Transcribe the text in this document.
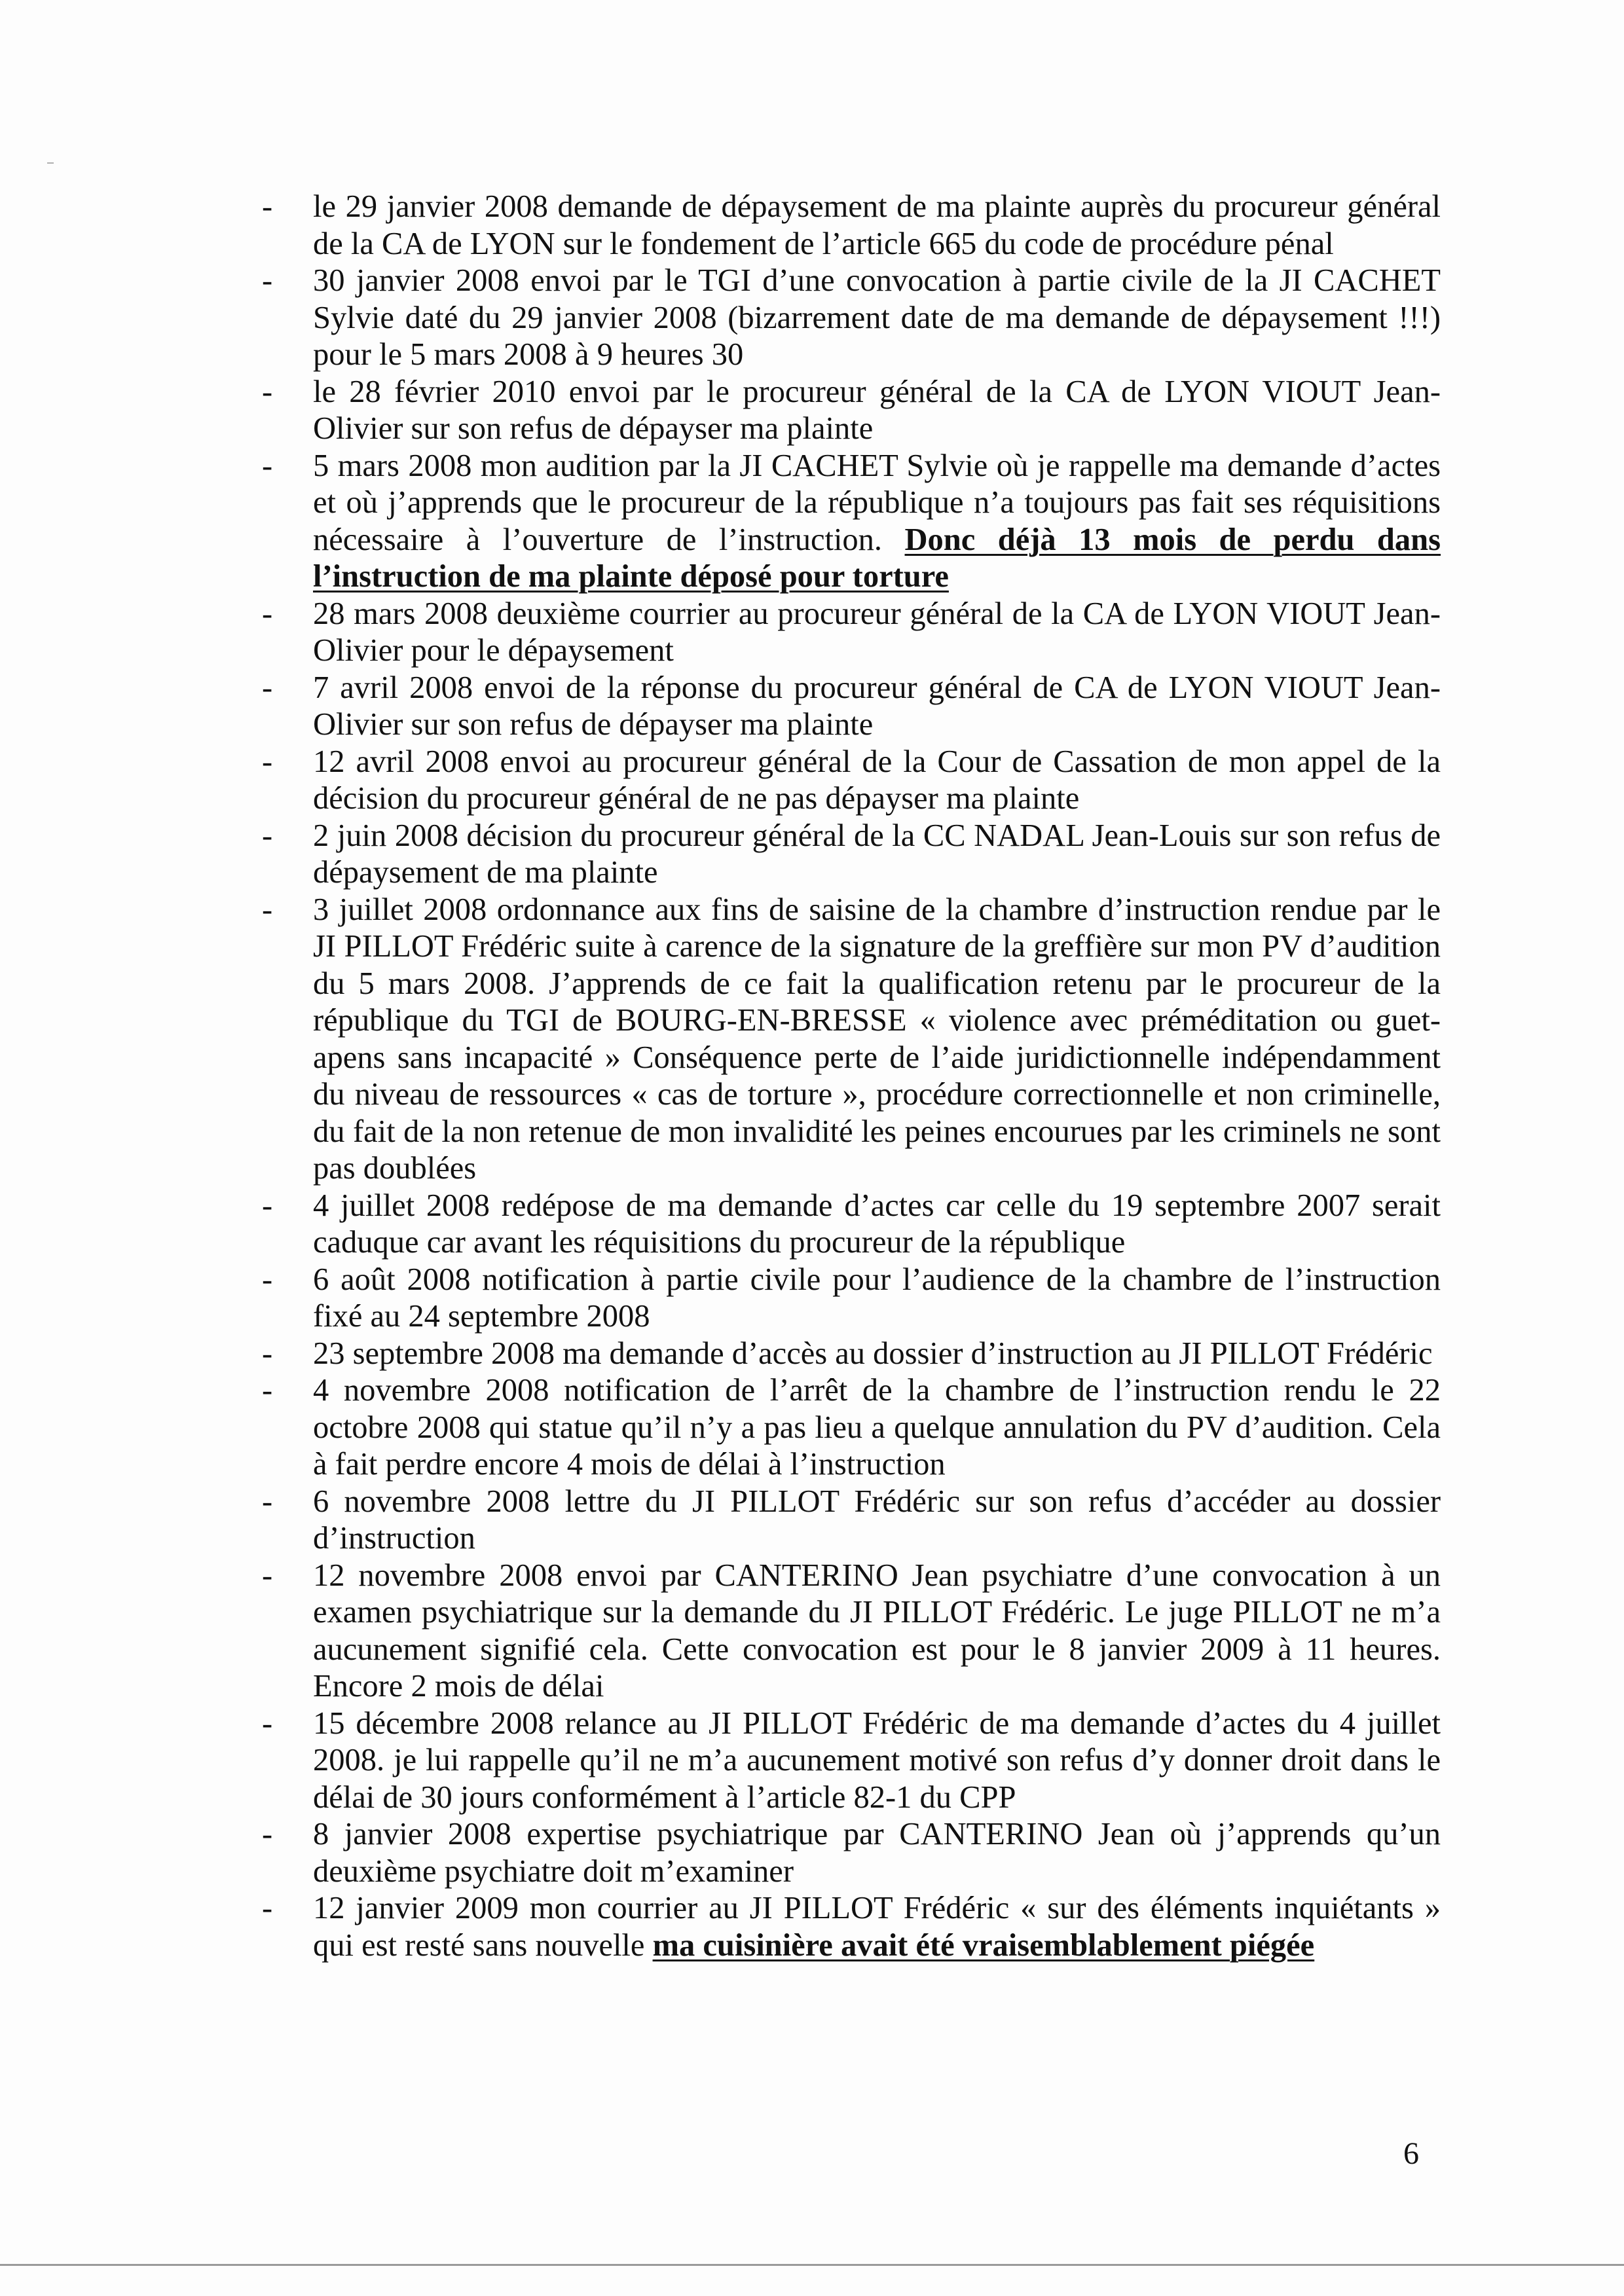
- le 29 janvier 2008 demande de dépaysement de ma plainte auprès du procureur général de la CA de LYON sur le fondement de l’article 665 du code de procédure pénal
- 30 janvier 2008 envoi par le TGI d’une convocation à partie civile de la JI CACHET Sylvie daté du 29 janvier 2008 (bizarrement date de ma demande de dépaysement !!!) pour le 5 mars 2008 à 9 heures 30
- le 28 février 2010 envoi par le procureur général de la CA de LYON VIOUT Jean-Olivier sur son refus de dépayser ma plainte
- 5 mars 2008 mon audition par la JI CACHET Sylvie où je rappelle ma demande d’actes et où j’apprends que le procureur de la république n’a toujours pas fait ses réquisitions nécessaire à l’ouverture de l’instruction. Donc déjà 13 mois de perdu dans l’instruction de ma plainte déposé pour torture
- 28 mars 2008 deuxième courrier au procureur général de la CA de LYON VIOUT Jean-Olivier pour le dépaysement
- 7 avril 2008 envoi de la réponse du procureur général de CA de LYON VIOUT Jean-Olivier sur son refus de dépayser ma plainte
- 12 avril 2008 envoi au procureur général de la Cour de Cassation de mon appel de la décision du procureur général de ne pas dépayser ma plainte
- 2 juin 2008 décision du procureur général de la CC NADAL Jean-Louis sur son refus de dépaysement de ma plainte
- 3 juillet 2008 ordonnance aux fins de saisine de la chambre d’instruction rendue par le JI PILLOT Frédéric suite à carence de la signature de la greffière sur mon PV d’audition du 5 mars 2008. J’apprends de ce fait la qualification retenu par le procureur de la république du TGI de BOURG-EN-BRESSE « violence avec préméditation ou guet-apens sans incapacité » Conséquence perte de l’aide juridictionnelle indépendamment du niveau de ressources « cas de torture », procédure correctionnelle et non criminelle, du fait de la non retenue de mon invalidité les peines encourues par les criminels ne sont pas doublées
- 4 juillet 2008 redépose de ma demande d’actes car celle du 19 septembre 2007 serait caduque car avant les réquisitions du procureur de la république
- 6 août 2008 notification à partie civile pour l’audience de la chambre de l’instruction fixé au 24 septembre 2008
- 23 septembre 2008 ma demande d’accès au dossier d’instruction au JI PILLOT Frédéric
- 4 novembre 2008 notification de l’arrêt de la chambre de l’instruction rendu le 22 octobre 2008 qui statue qu’il n’y a pas lieu a quelque annulation du PV d’audition. Cela à fait perdre encore 4 mois de délai à l’instruction
- 6 novembre 2008 lettre du JI PILLOT Frédéric sur son refus d’accéder au dossier d’instruction
- 12 novembre 2008 envoi par CANTERINO Jean psychiatre d’une convocation à un examen psychiatrique sur la demande du JI PILLOT Frédéric. Le juge PILLOT ne m’a aucunement signifié cela. Cette convocation est pour le 8 janvier 2009 à 11 heures. Encore 2 mois de délai
- 15 décembre 2008 relance au JI PILLOT Frédéric de ma demande d’actes du 4 juillet 2008. je lui rappelle qu’il ne m’a aucunement motivé son refus d’y donner droit dans le délai de 30 jours conformément à l’article 82-1 du CPP
- 8 janvier 2008 expertise psychiatrique par CANTERINO Jean où j’apprends qu’un deuxième psychiatre doit m’examiner
- 12 janvier 2009 mon courrier au JI PILLOT Frédéric « sur des éléments inquiétants » qui est resté sans nouvelle ma cuisinière avait été vraisemblablement piégée
6
